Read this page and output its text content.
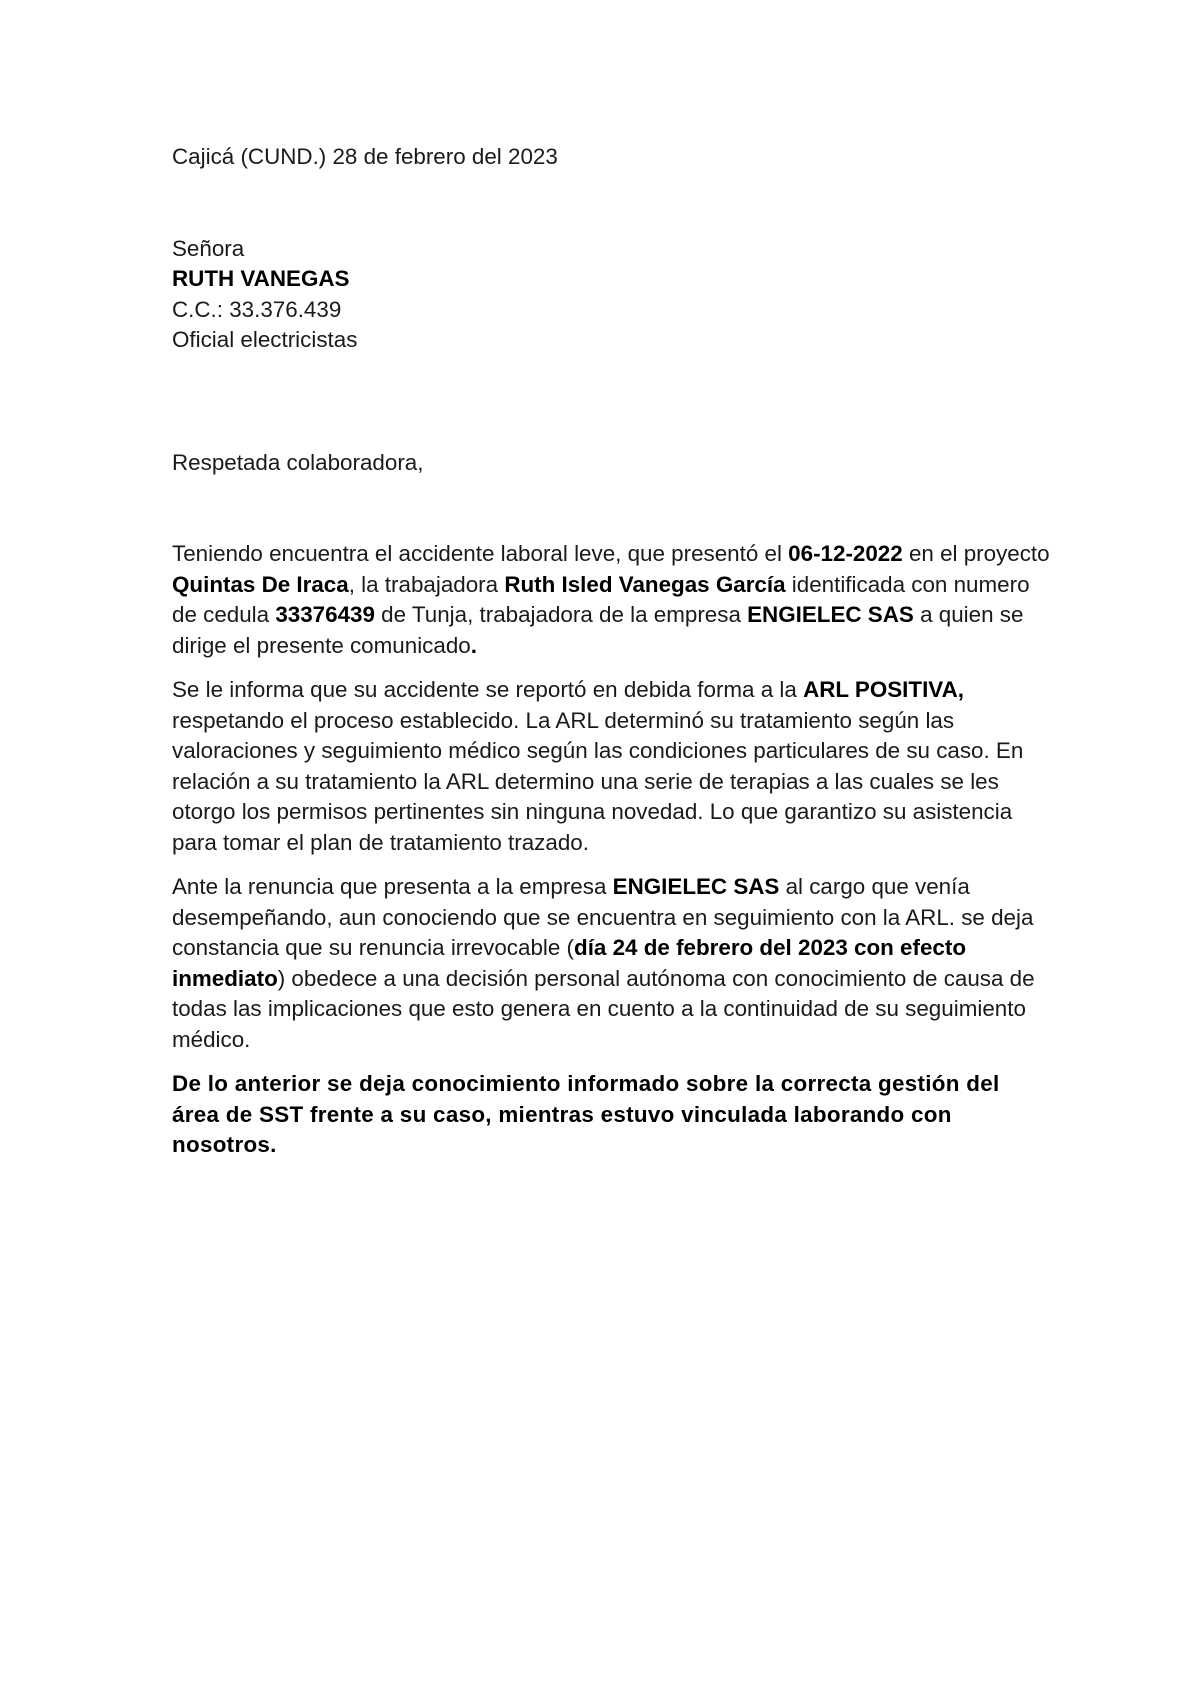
Cajicá (CUND.) 28 de febrero del 2023
Señora
RUTH VANEGAS
C.C.: 33.376.439
Oficial electricistas
Respetada colaboradora,

Teniendo encuentra el accidente laboral leve, que presentó el 06-12-2022 en el proyecto Quintas De Iraca, la trabajadora Ruth Isled Vanegas García identificada con numero de cedula 33376439 de Tunja, trabajadora de la empresa ENGIELEC SAS a quien se dirige el presente comunicado.

Se le informa que su accidente se reportó en debida forma a la ARL POSITIVA, respetando el proceso establecido. La ARL determinó su tratamiento según las valoraciones y seguimiento médico según las condiciones particulares de su caso. En relación a su tratamiento la ARL determino una serie de terapias a las cuales se les otorgo los permisos pertinentes sin ninguna novedad. Lo que garantizo su asistencia para tomar el plan de tratamiento trazado.

Ante la renuncia que presenta a la empresa ENGIELEC SAS al cargo que venía desempeñando, aun conociendo que se encuentra en seguimiento con la ARL. se deja constancia que su renuncia irrevocable (día 24 de febrero del 2023 con efecto inmediato) obedece a una decisión personal autónoma con conocimiento de causa de todas las implicaciones que esto genera en cuento a la continuidad de su seguimiento médico.

De lo anterior se deja conocimiento informado sobre la correcta gestión del área de SST frente a su caso, mientras estuvo vinculada laborando con nosotros.
